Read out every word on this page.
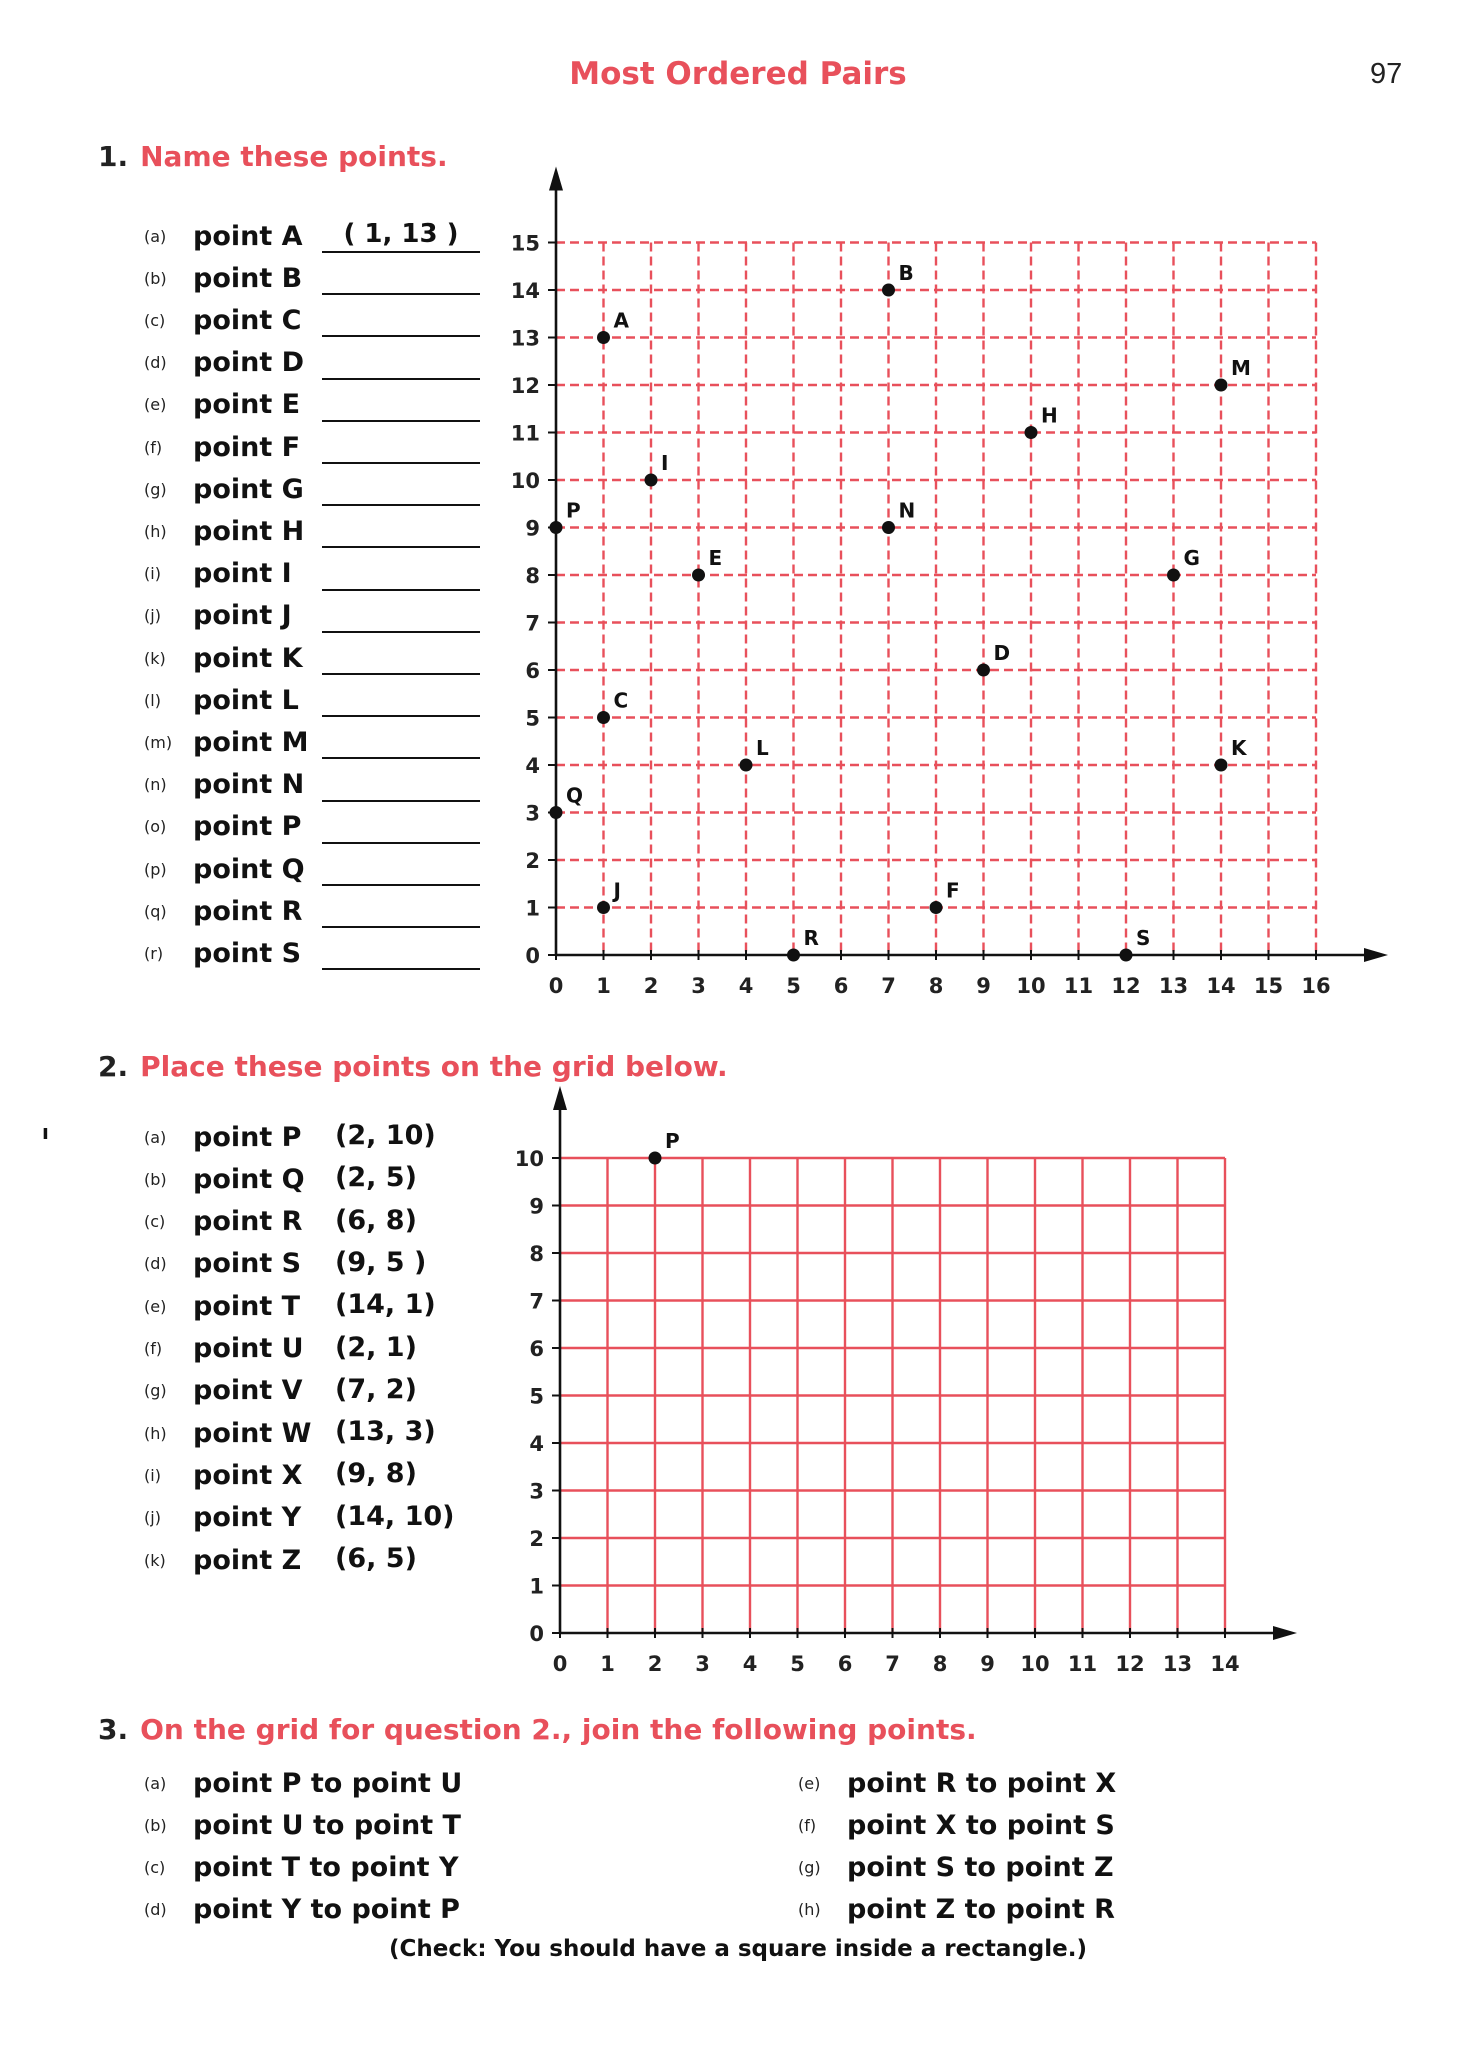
Most Ordered Pairs	97
ı
1. Name these points.
(a) point A	( 1, 13 )
(b) point B
(c)	point C
(d) point D
(e) point E
(f)	point F
(g) point G
(h) point H
(i)	point I
(j)	point J
(k)	point K
(l)	point L
(m) point M
(n) point N
(o) point P
(p) point Q
(q) point R
(r)	point S
2. Place these points on the grid below.
(a) point P (2, 10)
(b) point Q (2, 5)
(c)	point R (6, 8)
(d) point S (9, 5 )
(e) point T (14, 1)
(f)	point U (2, 1)
(g) point V (7, 2)
(h) point W (13, 3)
(i)	point X (9, 8)
(j)	point Y (14, 10)
(k)	point Z (6, 5)
3. On the grid for question 2., join the following points.
(a) point P to point U
(b) point U to point T
(c)	point T to point Y
(d) point Y to point P
(e) point R to point X
(f)	point X to point S
(g) point S to point Z
(h) point Z to point R
(Check: You should have a square inside a rectangle.)
0 1 2 3 4 5 6 7 8 9 10 11 12 13 14 15 16
0
1
2
3
4
5
6
7
8
9
10
11
12
13
14
15
A
B
C
D
E
F
G
H
I
J
K
L
M
N
P
Q
R	S
0 1 2 3 4 5 6 7 8 9 10 11 12 13 14
0
1
2
3
4
5
6
7
8
9
10
P
